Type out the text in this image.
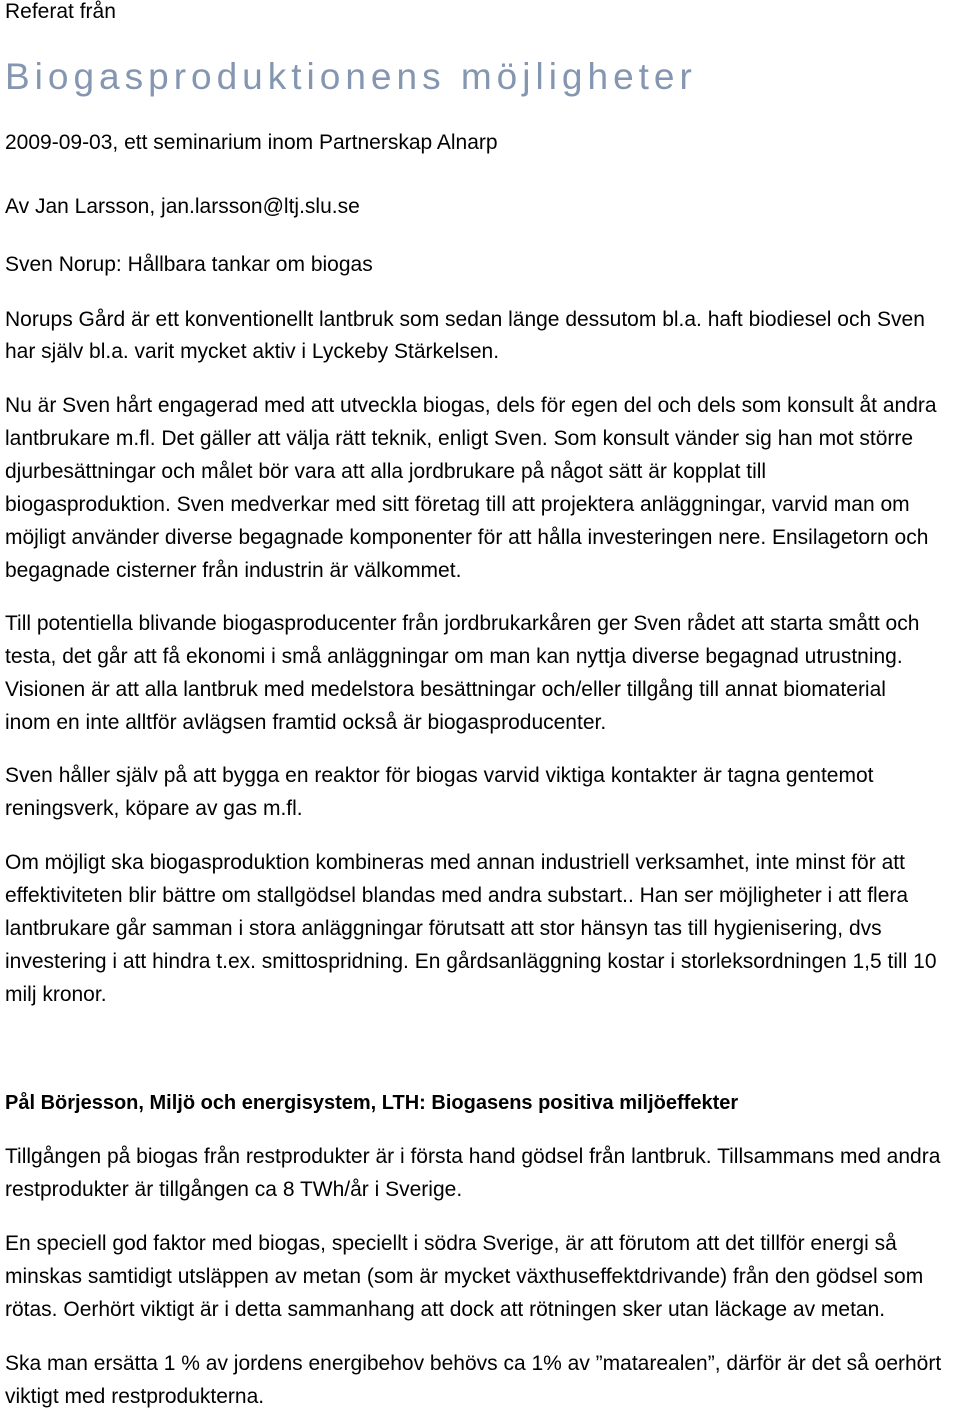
Referat från
Biogasproduktionens möjligheter
2009-09-03, ett seminarium inom Partnerskap Alnarp
Av Jan Larsson, jan.larsson@ltj.slu.se
Sven Norup: Hållbara tankar om biogas
Norups Gård är ett konventionellt lantbruk som sedan länge dessutom bl.a. haft biodiesel och Sven
har själv bl.a. varit mycket aktiv i Lyckeby Stärkelsen.
Nu är Sven hårt engagerad med att utveckla biogas, dels för egen del och dels som konsult åt andra
lantbrukare m.fl. Det gäller att välja rätt teknik, enligt Sven. Som konsult vänder sig han mot större
djurbesättningar och målet bör vara att alla jordbrukare på något sätt är kopplat till
biogasproduktion. Sven medverkar med sitt företag till att projektera anläggningar, varvid man om
möjligt använder diverse begagnade komponenter för att hålla investeringen nere. Ensilagetorn och
begagnade cisterner från industrin är välkommet.
Till potentiella blivande biogasproducenter från jordbrukarkåren ger Sven rådet att starta smått och
testa, det går att få ekonomi i små anläggningar om man kan nyttja diverse begagnad utrustning.
Visionen är att alla lantbruk med medelstora besättningar och/eller tillgång till annat biomaterial
inom en inte alltför avlägsen framtid också är biogasproducenter.
Sven håller själv på att bygga en reaktor för biogas varvid viktiga kontakter är tagna gentemot
reningsverk, köpare av gas m.fl.
Om möjligt ska biogasproduktion kombineras med annan industriell verksamhet, inte minst för att
effektiviteten blir bättre om stallgödsel blandas med andra substart.. Han ser möjligheter i att flera
lantbrukare går samman i stora anläggningar förutsatt att stor hänsyn tas till hygienisering, dvs
investering i att hindra t.ex. smittospridning. En gårdsanläggning kostar i storleksordningen 1,5 till 10
milj kronor.
Pål Börjesson, Miljö och energisystem, LTH: Biogasens positiva miljöeffekter
Tillgången på biogas från restprodukter är i första hand gödsel från lantbruk. Tillsammans med andra
restprodukter är tillgången ca 8 TWh/år i Sverige.
En speciell god faktor med biogas, speciellt i södra Sverige, är att förutom att det tillför energi så
minskas samtidigt utsläppen av metan (som är mycket växthuseffektdrivande) från den gödsel som
rötas. Oerhört viktigt är i detta sammanhang att dock att rötningen sker utan läckage av metan.
Ska man ersätta 1 % av jordens energibehov behövs ca 1% av ”matarealen”, därför är det så oerhört
viktigt med restprodukterna.
